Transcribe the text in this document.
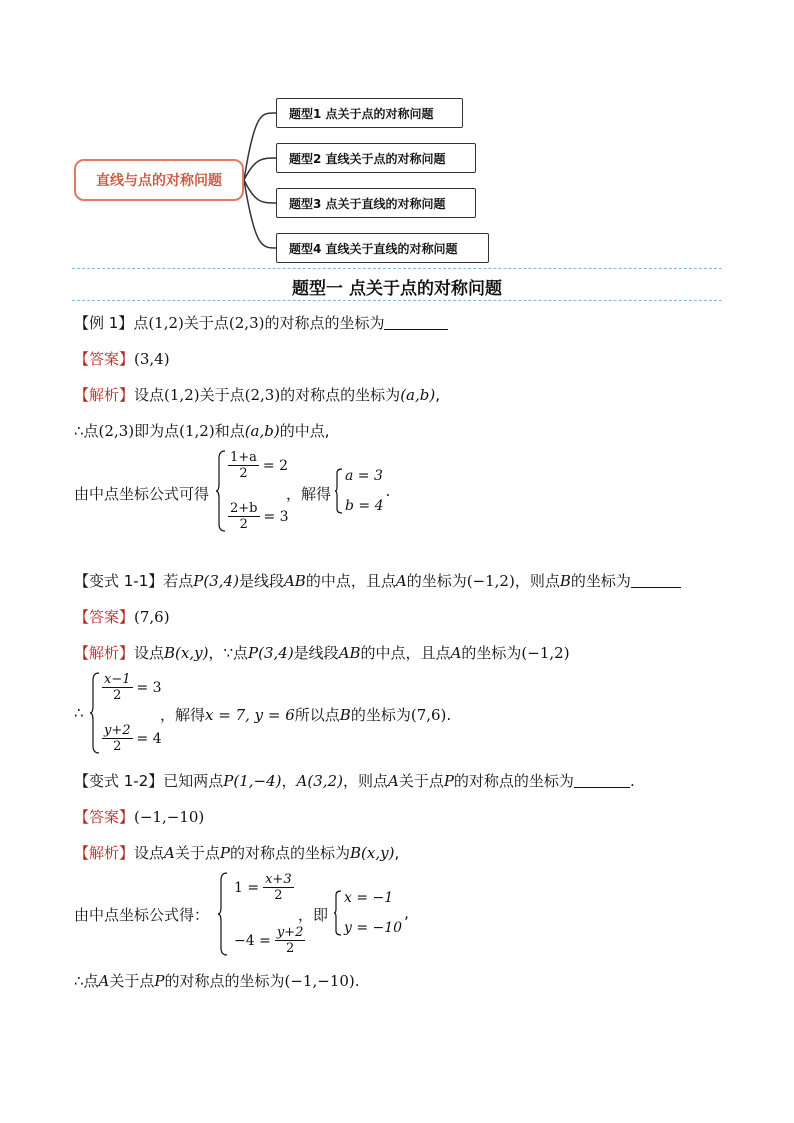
直线与点的对称问题
题型1 点关于点的对称问题
题型2 直线关于点的对称问题
题型3 点关于直线的对称问题
题型4 直线关于直线的对称问题
题型一 点关于点的对称问题
【例 1】点(1,2)关于点(2,3)的对称点的坐标为
【答案】(3,4)
【解析】设点(1,2)关于点(2,3)的对称点的坐标为(a,b),
∴点(2,3)即为点(1,2)和点(a,b)的中点,
由中点坐标公式可得
$\frac{1+a}{2} = 2$
$\frac{2+b}{2} = 3$
，解得
a = 3
b = 4
.
【变式 1-1】若点P(3,4)是线段AB的中点，且点A的坐标为(−1,2)，则点B的坐标为
【答案】(7,6)
【解析】设点B(x,y)，∵点P(3,4)是线段AB的中点，且点A的坐标为(−1,2)
∴
$\frac{x-1}{2} = 3$
$\frac{y+2}{2} = 4$
，解得x = 7, y = 6所以点B的坐标为(7,6).
【变式 1-2】已知两点P(1,−4)，A(3,2)，则点A关于点P的对称点的坐标为	.
【答案】(−1,−10)
【解析】设点A关于点P的对称点的坐标为B(x,y),
由中点坐标公式得：
$1 = \frac{x+3}{2}$
$-4 = \frac{y+2}{2}$
，即
x = −1
y = −10
,
∴点A关于点P的对称点的坐标为(−1,−10).
